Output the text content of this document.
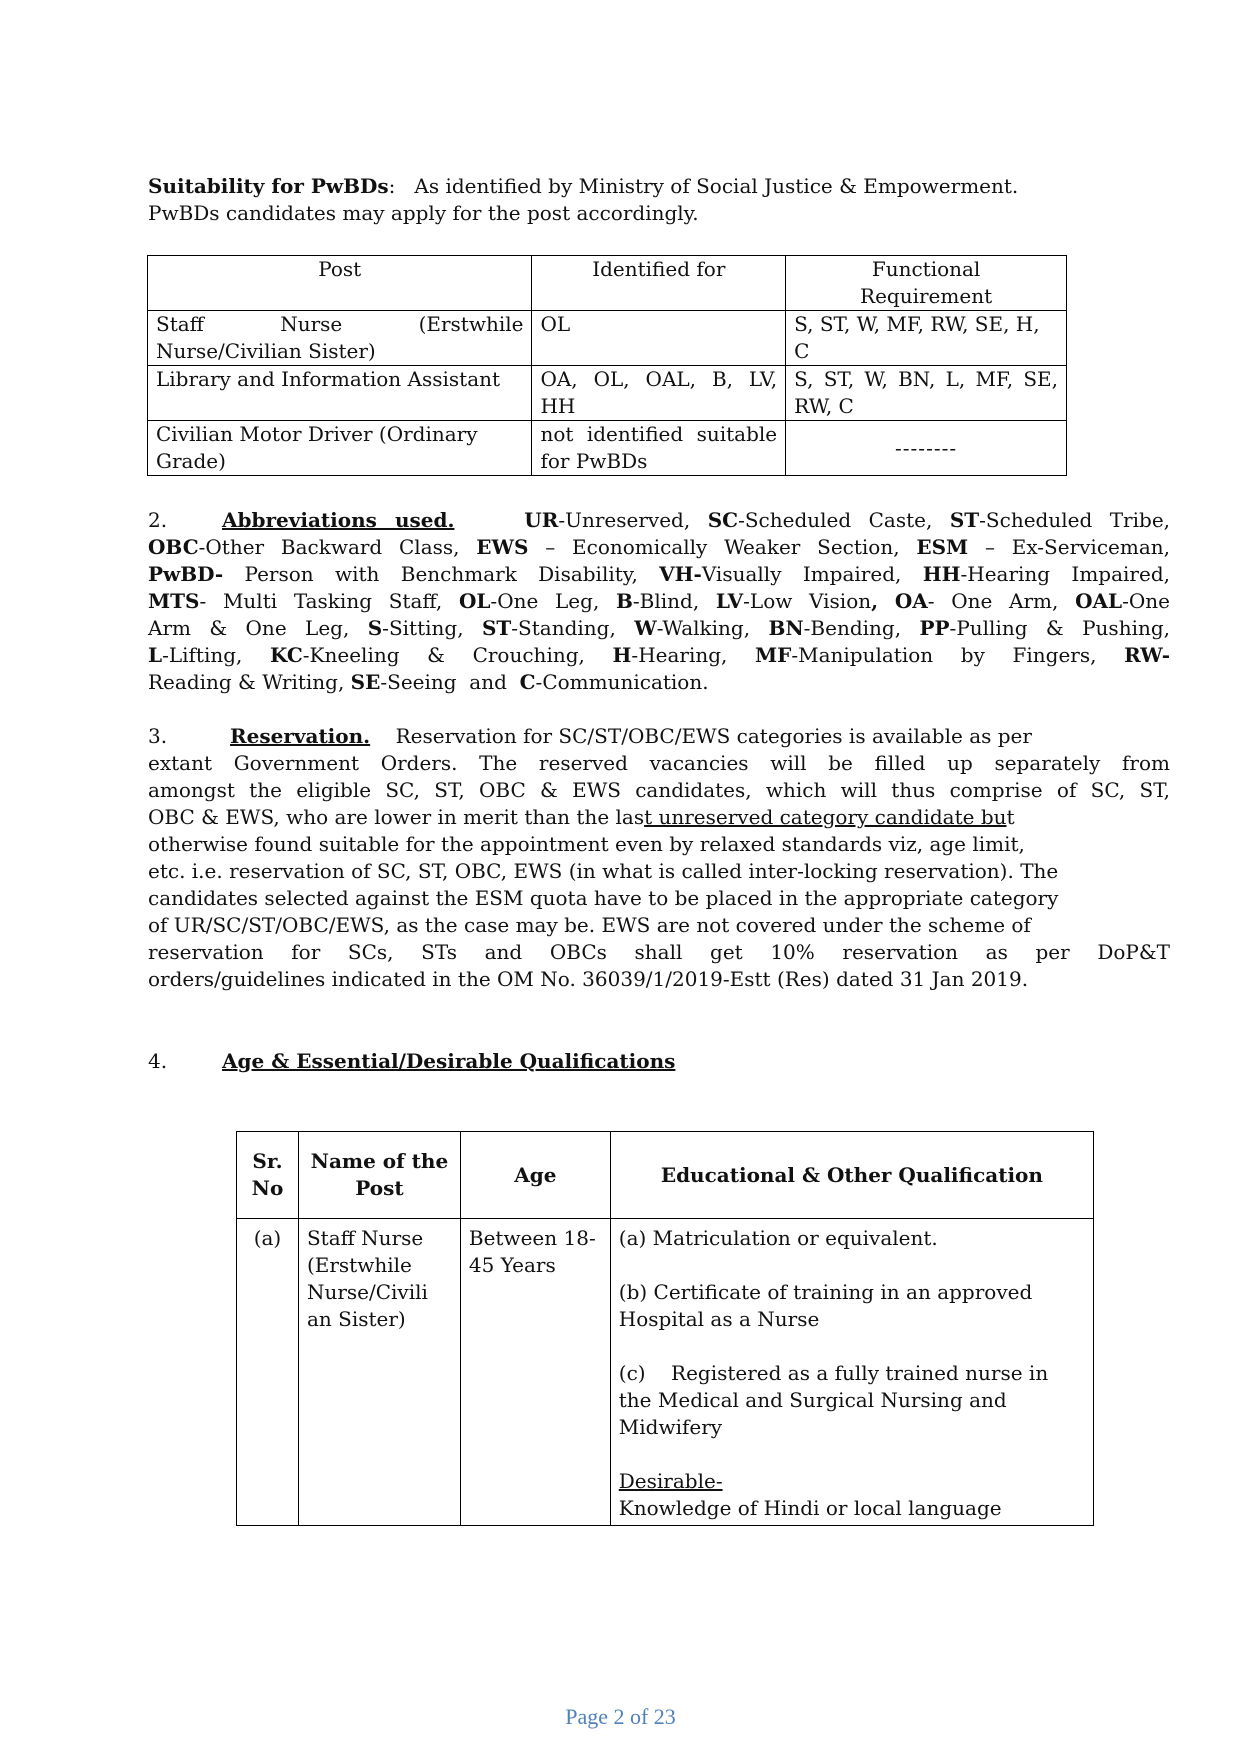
Suitability for PwBDs: As identified by Ministry of Social Justice & Empowerment.
PwBDs candidates may apply for the post accordingly.
Post	Identified for	Functional Requirement
Staff Nurse (Erstwhile Nurse/Civilian Sister)	OL	S, ST, W, MF, RW, SE, H, C
Library and Information Assistant	OA, OL, OAL, B, LV, HH	S, ST, W, BN, L, MF, SE, RW, C
Civilian Motor Driver (Ordinary Grade)	not identified suitable for PwBDs	--------
2.	Abbreviations used.	UR-Unreserved, SC-Scheduled Caste, ST-Scheduled Tribe,
OBC-Other Backward Class, EWS – Economically Weaker Section, ESM – Ex-Serviceman,
PwBD- Person with Benchmark Disability, VH-Visually Impaired, HH-Hearing Impaired,
MTS- Multi Tasking Staff, OL-One Leg, B-Blind, LV-Low Vision, OA- One Arm, OAL-One
Arm & One Leg, S-Sitting, ST-Standing, W-Walking, BN-Bending, PP-Pulling & Pushing,
L-Lifting, KC-Kneeling & Crouching, H-Hearing, MF-Manipulation by Fingers, RW-
Reading & Writing, SE-Seeing  and  C-Communication.
3.	Reservation. Reservation for SC/ST/OBC/EWS categories is available as per
extant Government Orders. The reserved vacancies will be filled up separately from
amongst the eligible SC, ST, OBC & EWS candidates, which will thus comprise of SC, ST,
OBC & EWS, who are lower in merit than the last unreserved category candidate but
otherwise found suitable for the appointment even by relaxed standards viz, age limit,
etc. i.e. reservation of SC, ST, OBC, EWS (in what is called inter-locking reservation). The
candidates selected against the ESM quota have to be placed in the appropriate category
of UR/SC/ST/OBC/EWS, as the case may be. EWS are not covered under the scheme of
reservation for SCs, STs and OBCs shall get 10% reservation as per DoP&T
orders/guidelines indicated in the OM No. 36039/1/2019-Estt (Res) dated 31 Jan 2019.
4.	Age & Essential/Desirable Qualifications
Sr. No	Name of the Post	Age	Educational & Other Qualification
(a)	Staff Nurse (Erstwhile Nurse/Civili an Sister)	Between 18-45 Years	(a) Matriculation or equivalent.
(b) Certificate of training in an approved Hospital as a Nurse
(c) Registered as a fully trained nurse in the Medical and Surgical Nursing and Midwifery
Desirable-
Knowledge of Hindi or local language
Page 2 of 23
